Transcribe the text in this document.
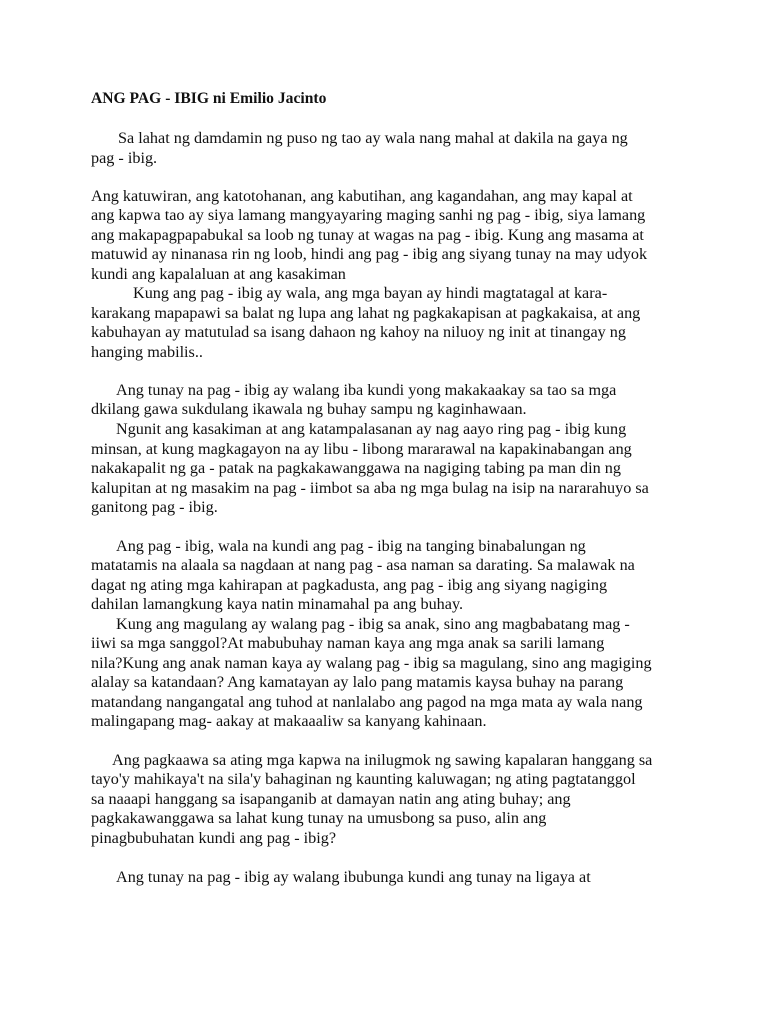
ANG PAG - IBIG ni Emilio Jacinto
Sa lahat ng damdamin ng puso ng tao ay wala nang mahal at dakila na gaya ng
pag - ibig.
Ang katuwiran, ang katotohanan, ang kabutihan, ang kagandahan, ang may kapal at
ang kapwa tao ay siya lamang mangyayaring maging sanhi ng pag - ibig, siya lamang
ang makapagpapabukal sa loob ng tunay at wagas na pag - ibig. Kung ang masama at
matuwid ay ninanasa rin ng loob, hindi ang pag - ibig ang siyang tunay na may udyok
kundi ang kapalaluan at ang kasakiman
Kung ang pag - ibig ay wala, ang mga bayan ay hindi magtatagal at kara-
karakang mapapawi sa balat ng lupa ang lahat ng pagkakapisan at pagkakaisa, at ang
kabuhayan ay matutulad sa isang dahaon ng kahoy na niluoy ng init at tinangay ng
hanging mabilis..
Ang tunay na pag - ibig ay walang iba kundi yong makakaakay sa tao sa mga
dkilang gawa sukdulang ikawala ng buhay sampu ng kaginhawaan.
Ngunit ang kasakiman at ang katampalasanan ay nag aayo ring pag - ibig kung
minsan, at kung magkagayon na ay libu - libong mararawal na kapakinabangan ang
nakakapalit ng ga - patak na pagkakawanggawa na nagiging tabing pa man din ng
kalupitan at ng masakim na pag - iimbot sa aba ng mga bulag na isip na nararahuyo sa
ganitong pag - ibig.
Ang pag - ibig, wala na kundi ang pag - ibig na tanging binabalungan ng
matatamis na alaala sa nagdaan at nang pag - asa naman sa darating. Sa malawak na
dagat ng ating mga kahirapan at pagkadusta, ang pag - ibig ang siyang nagiging
dahilan lamangkung kaya natin minamahal pa ang buhay.
Kung ang magulang ay walang pag - ibig sa anak, sino ang magbabatang mag -
iiwi sa mga sanggol?At mabubuhay naman kaya ang mga anak sa sarili lamang
nila?Kung ang anak naman kaya ay walang pag - ibig sa magulang, sino ang magiging
alalay sa katandaan? Ang kamatayan ay lalo pang matamis kaysa buhay na parang
matandang nangangatal ang tuhod at nanlalabo ang pagod na mga mata ay wala nang
malingapang mag- aakay at makaaaliw sa kanyang kahinaan.
Ang pagkaawa sa ating mga kapwa na inilugmok ng sawing kapalaran hanggang sa
tayo'y mahikaya't na sila'y bahaginan ng kaunting kaluwagan; ng ating pagtatanggol
sa naaapi hanggang sa isapanganib at damayan natin ang ating buhay; ang
pagkakawanggawa sa lahat kung tunay na umusbong sa puso, alin ang
pinagbubuhatan kundi ang pag - ibig?
Ang tunay na pag - ibig ay walang ibubunga kundi ang tunay na ligaya at
